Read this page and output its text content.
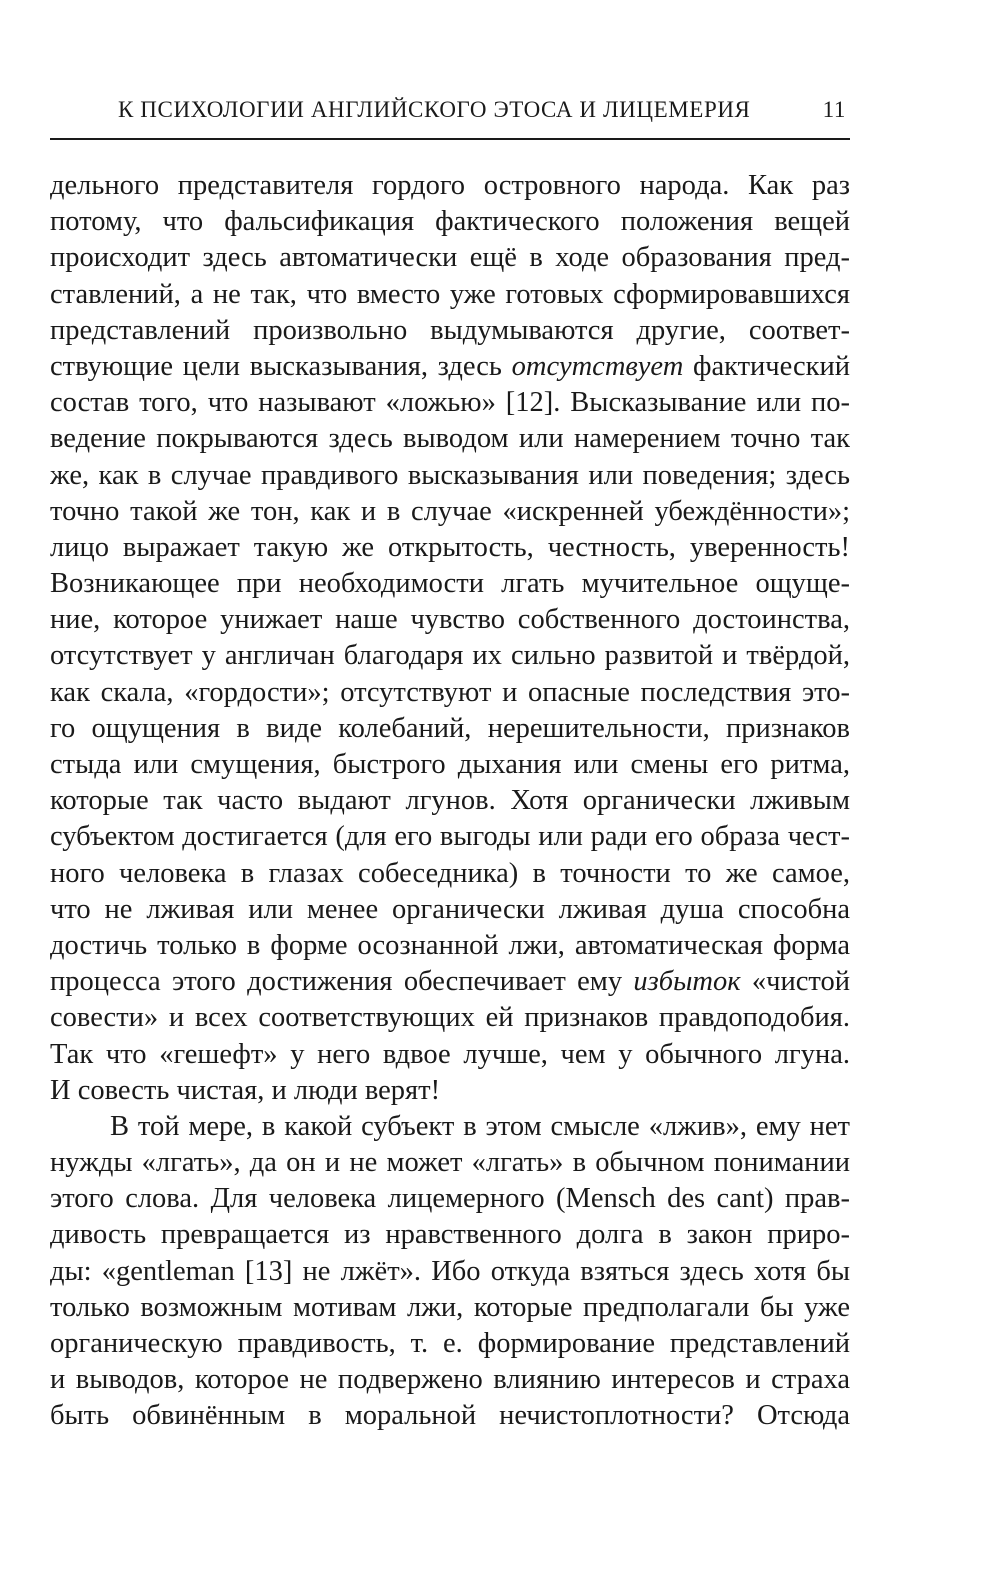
К ПСИХОЛОГИИ АНГЛИЙСКОГО ЭТОСА И ЛИЦЕМЕРИЯ	11
дельного представителя гордого островного народа. Как раз
потому, что фальсификация фактического положения вещей
происходит здесь автоматически ещё в ходе образования пред-
ставлений, а не так, что вместо уже готовых сформировавшихся
представлений произвольно выдумываются другие, соответ-
ствующие цели высказывания, здесь отсутствует фактический
состав того, что называют «ложью» [12]. Высказывание или по-
ведение покрываются здесь выводом или намерением точно так
же, как в случае правдивого высказывания или поведения; здесь
точно такой же тон, как и в случае «искренней убеждённости»;
лицо выражает такую же открытость, честность, уверенность!
Возникающее при необходимости лгать мучительное ощуще-
ние, которое унижает наше чувство собственного достоинства,
отсутствует у англичан благодаря их сильно развитой и твёрдой,
как скала, «гордости»; отсутствуют и опасные последствия это-
го ощущения в виде колебаний, нерешительности, признаков
стыда или смущения, быстрого дыхания или смены его ритма,
которые так часто выдают лгунов. Хотя органически лживым
субъектом достигается (для его выгоды или ради его образа чест-
ного человека в глазах собеседника) в точности то же самое,
что не лживая или менее органически лживая душа способна
достичь только в форме осознанной лжи, автоматическая форма
процесса этого достижения обеспечивает ему избыток «чистой
совести» и всех соответствующих ей признаков правдоподобия.
Так что «гешефт» у него вдвое лучше, чем у обычного лгуна.
И совесть чистая, и люди верят!
В той мере, в какой субъект в этом смысле «лжив», ему нет
нужды «лгать», да он и не может «лгать» в обычном понимании
этого слова. Для человека лицемерного (Mensch des cant) прав-
дивость превращается из нравственного долга в закон приро-
ды: «gentleman [13] не лжёт». Ибо откуда взяться здесь хотя бы
только возможным мотивам лжи, которые предполагали бы уже
органическую правдивость, т. е. формирование представлений
и выводов, которое не подвержено влиянию интересов и страха
быть обвинённым в моральной нечистоплотности? Отсюда
